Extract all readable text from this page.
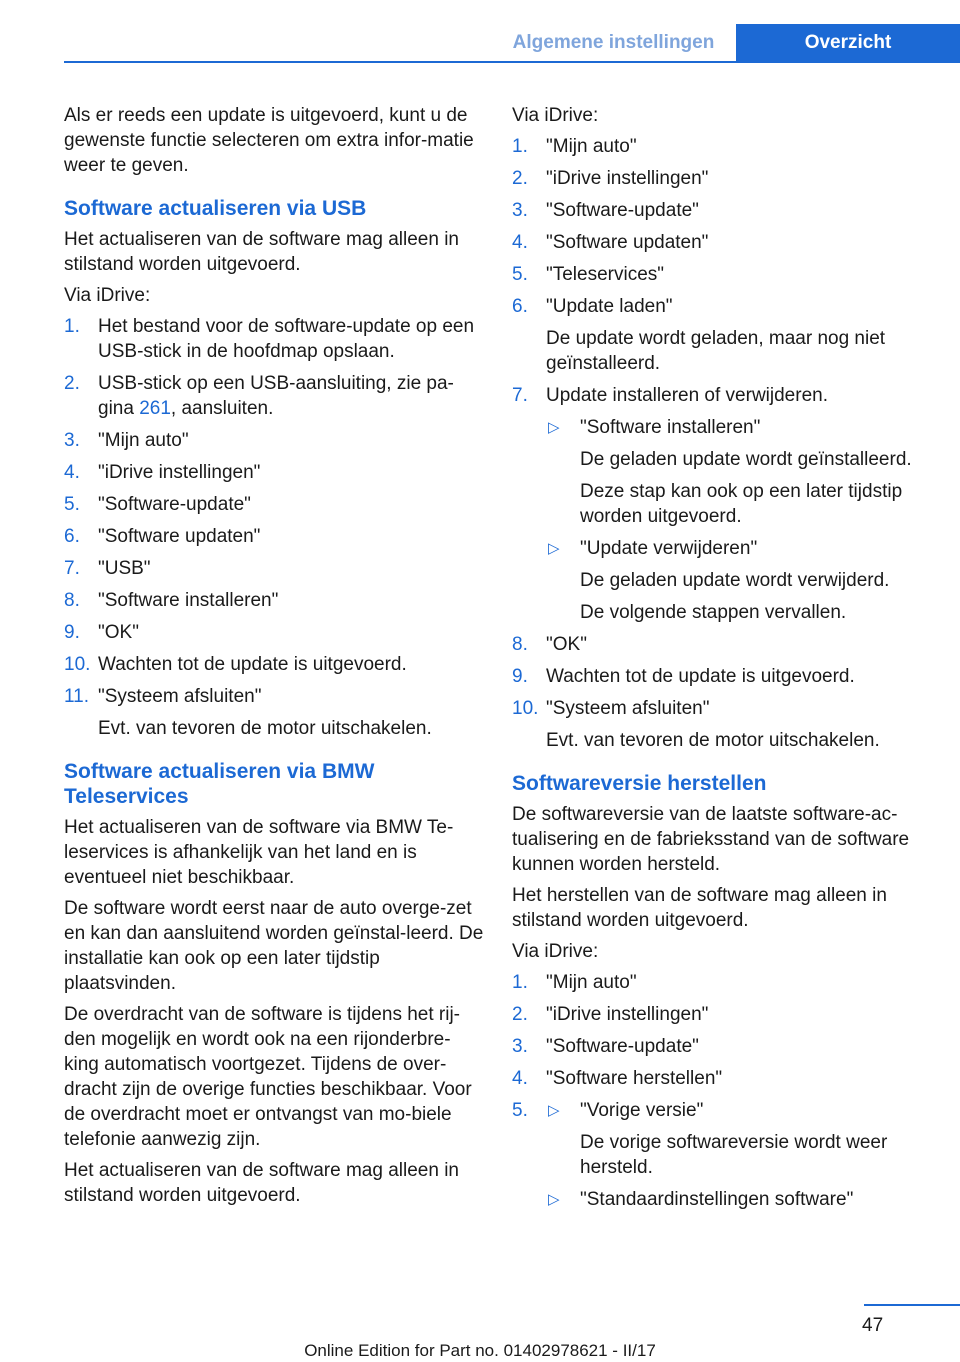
Algemene instellingen	Overzicht

Als er reeds een update is uitgevoerd, kunt u de gewenste functie selecteren om extra infor-matie weer te geven.

Software actualiseren via USB

Het actualiseren van de software mag alleen in stilstand worden uitgevoerd.

Via iDrive:

1. Het bestand voor de software-update op een USB-stick in de hoofdmap opslaan.
2. USB-stick op een USB-aansluiting, zie pa-gina 261, aansluiten.
3. "Mijn auto"
4. "iDrive instellingen"
5. "Software-update"
6. "Software updaten"
7. "USB"
8. "Software installeren"
9. "OK"
10. Wachten tot de update is uitgevoerd.
11. "Systeem afsluiten"
Evt. van tevoren de motor uitschakelen.
Software actualiseren via BMW Teleservices

Het actualiseren van de software via BMW Te-leservices is afhankelijk van het land en is eventueel niet beschikbaar.

De software wordt eerst naar de auto overge-zet en kan dan aansluitend worden geïnstal-leerd. De installatie kan ook op een later tijdstip plaatsvinden.

De overdracht van de software is tijdens het rij-den mogelijk en wordt ook na een rijonderbre-king automatisch voortgezet. Tijdens de over-dracht zijn de overige functies beschikbaar. Voor de overdracht moet er ontvangst van mo-biele telefonie aanwezig zijn.

Het actualiseren van de software mag alleen in stilstand worden uitgevoerd.

Via iDrive:

1. "Mijn auto"
2. "iDrive instellingen"
3. "Software-update"
4. "Software updaten"
5. "Teleservices"
6. "Update laden"
De update wordt geladen, maar nog niet geïnstalleerd.
7. Update installeren of verwijderen.
▷ "Software installeren"
De geladen update wordt geïnstalleerd.
Deze stap kan ook op een later tijdstip worden uitgevoerd.
▷ "Update verwijderen"
De geladen update wordt verwijderd.
De volgende stappen vervallen.
8. "OK"
9. Wachten tot de update is uitgevoerd.
10. "Systeem afsluiten"
Evt. van tevoren de motor uitschakelen.
Softwareversie herstellen

De softwareversie van de laatste software-ac-tualisering en de fabrieksstand van de software kunnen worden hersteld.

Het herstellen van de software mag alleen in stilstand worden uitgevoerd.

Via iDrive:

1. "Mijn auto"
2. "iDrive instellingen"
3. "Software-update"
4. "Software herstellen"
5. ▷ "Vorige versie"
De vorige softwareversie wordt weer hersteld.
▷ "Standaardinstellingen software"
47
Online Edition for Part no. 01402978621 - II/17
